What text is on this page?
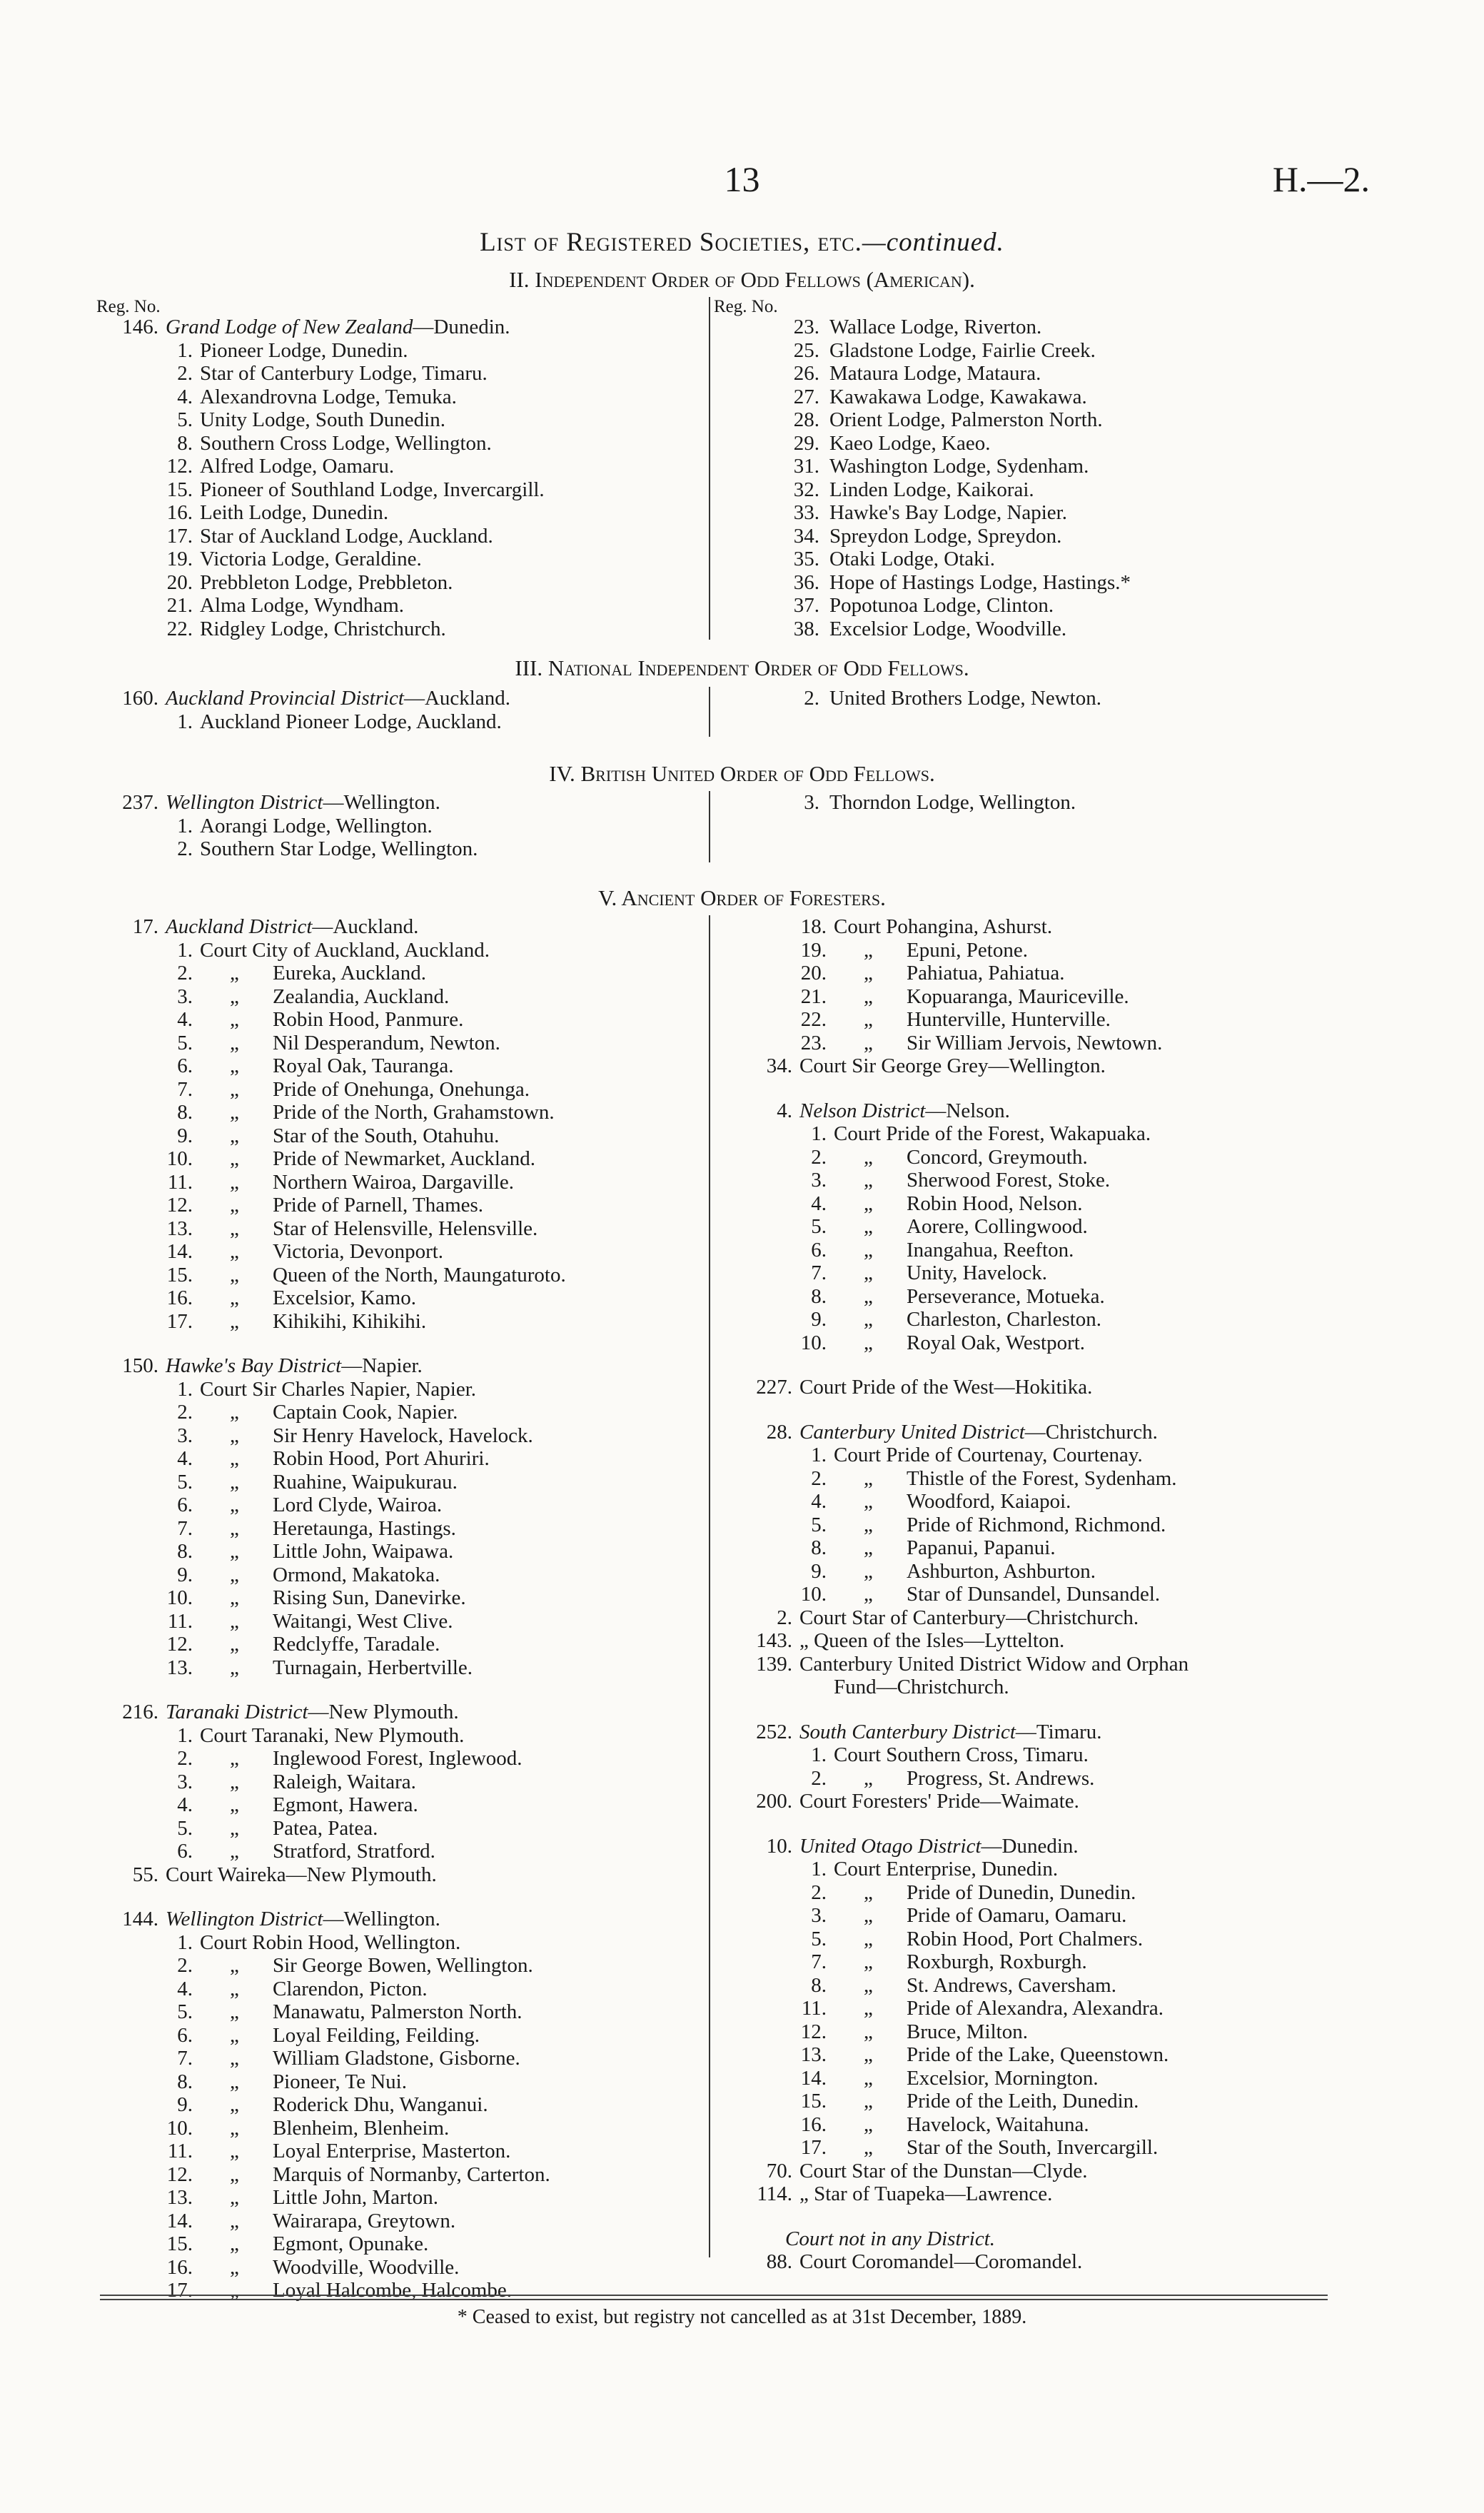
13	H.—2.
List of Registered Societies, etc.—continued.
II. Independent Order of Odd Fellows (American).
Reg. No.	Reg. No.
146. Grand Lodge of New Zealand—Dunedin.
1. Pioneer Lodge, Dunedin.
2. Star of Canterbury Lodge, Timaru.
4. Alexandrovna Lodge, Temuka.
5. Unity Lodge, South Dunedin.
8. Southern Cross Lodge, Wellington.
12. Alfred Lodge, Oamaru.
15. Pioneer of Southland Lodge, Invercargill.
16. Leith Lodge, Dunedin.
17. Star of Auckland Lodge, Auckland.
19. Victoria Lodge, Geraldine.
20. Prebbleton Lodge, Prebbleton.
21. Alma Lodge, Wyndham.
22. Ridgley Lodge, Christchurch.
23. Wallace Lodge, Riverton.
25. Gladstone Lodge, Fairlie Creek.
26. Mataura Lodge, Mataura.
27. Kawakawa Lodge, Kawakawa.
28. Orient Lodge, Palmerston North.
29. Kaeo Lodge, Kaeo.
31. Washington Lodge, Sydenham.
32. Linden Lodge, Kaikorai.
33. Hawke's Bay Lodge, Napier.
34. Spreydon Lodge, Spreydon.
35. Otaki Lodge, Otaki.
36. Hope of Hastings Lodge, Hastings.*
37. Popotunoa Lodge, Clinton.
38. Excelsior Lodge, Woodville.
III. National Independent Order of Odd Fellows.
160. Auckland Provincial District—Auckland.
1. Auckland Pioneer Lodge, Auckland.
2. United Brothers Lodge, Newton.
IV. British United Order of Odd Fellows.
237. Wellington District—Wellington.
1. Aorangi Lodge, Wellington.
2. Southern Star Lodge, Wellington.
3. Thorndon Lodge, Wellington.
V. Ancient Order of Foresters.
17. Auckland District—Auckland.
1. Court City of Auckland, Auckland.
2. „ Eureka, Auckland.
3. „ Zealandia, Auckland.
4. „ Robin Hood, Panmure.
5. „ Nil Desperandum, Newton.
6. „ Royal Oak, Tauranga.
7. „ Pride of Onehunga, Onehunga.
8. „ Pride of the North, Grahamstown.
9. „ Star of the South, Otahuhu.
10. „ Pride of Newmarket, Auckland.
11. „ Northern Wairoa, Dargaville.
12. „ Pride of Parnell, Thames.
13. „ Star of Helensville, Helensville.
14. „ Victoria, Devonport.
15. „ Queen of the North, Maungaturoto.
16. „ Excelsior, Kamo.
17. „ Kihikihi, Kihikihi.
150. Hawke's Bay District—Napier.
1. Court Sir Charles Napier, Napier.
2. „ Captain Cook, Napier.
3. „ Sir Henry Havelock, Havelock.
4. „ Robin Hood, Port Ahuriri.
5. „ Ruahine, Waipukurau.
6. „ Lord Clyde, Wairoa.
7. „ Heretaunga, Hastings.
8. „ Little John, Waipawa.
9. „ Ormond, Makatoka.
10. „ Rising Sun, Danevirke.
11. „ Waitangi, West Clive.
12. „ Redclyffe, Taradale.
13. „ Turnagain, Herbertville.
216. Taranaki District—New Plymouth.
1. Court Taranaki, New Plymouth.
2. „ Inglewood Forest, Inglewood.
3. „ Raleigh, Waitara.
4. „ Egmont, Hawera.
5. „ Patea, Patea.
6. „ Stratford, Stratford.
55. Court Waireka—New Plymouth.
144. Wellington District—Wellington.
1. Court Robin Hood, Wellington.
2. „ Sir George Bowen, Wellington.
4. „ Clarendon, Picton.
5. „ Manawatu, Palmerston North.
6. „ Loyal Feilding, Feilding.
7. „ William Gladstone, Gisborne.
8. „ Pioneer, Te Nui.
9. „ Roderick Dhu, Wanganui.
10. „ Blenheim, Blenheim.
11. „ Loyal Enterprise, Masterton.
12. „ Marquis of Normanby, Carterton.
13. „ Little John, Marton.
14. „ Wairarapa, Greytown.
15. „ Egmont, Opunake.
16. „ Woodville, Woodville.
17. „ Loyal Halcombe, Halcombe.
18. Court Pohangina, Ashurst.
19. „ Epuni, Petone.
20. „ Pahiatua, Pahiatua.
21. „ Kopuaranga, Mauriceville.
22. „ Hunterville, Hunterville.
23. „ Sir William Jervois, Newtown.
34. Court Sir George Grey—Wellington.
4. Nelson District—Nelson.
1. Court Pride of the Forest, Wakapuaka.
2. „ Concord, Greymouth.
3. „ Sherwood Forest, Stoke.
4. „ Robin Hood, Nelson.
5. „ Aorere, Collingwood.
6. „ Inangahua, Reefton.
7. „ Unity, Havelock.
8. „ Perseverance, Motueka.
9. „ Charleston, Charleston.
10. „ Royal Oak, Westport.
227. Court Pride of the West—Hokitika.
28. Canterbury United District—Christchurch.
1. Court Pride of Courtenay, Courtenay.
2. „ Thistle of the Forest, Sydenham.
4. „ Woodford, Kaiapoi.
5. „ Pride of Richmond, Richmond.
8. „ Papanui, Papanui.
9. „ Ashburton, Ashburton.
10. „ Star of Dunsandel, Dunsandel.
2. Court Star of Canterbury—Christchurch.
143. „ Queen of the Isles—Lyttelton.
139. Canterbury United District Widow and Orphan
Fund—Christchurch.
252. South Canterbury District—Timaru.
1. Court Southern Cross, Timaru.
2. „ Progress, St. Andrews.
200. Court Foresters' Pride—Waimate.
10. United Otago District—Dunedin.
1. Court Enterprise, Dunedin.
2. „ Pride of Dunedin, Dunedin.
3. „ Pride of Oamaru, Oamaru.
5. „ Robin Hood, Port Chalmers.
7. „ Roxburgh, Roxburgh.
8. „ St. Andrews, Caversham.
11. „ Pride of Alexandra, Alexandra.
12. „ Bruce, Milton.
13. „ Pride of the Lake, Queenstown.
14. „ Excelsior, Mornington.
15. „ Pride of the Leith, Dunedin.
16. „ Havelock, Waitahuna.
17. „ Star of the South, Invercargill.
70. Court Star of the Dunstan—Clyde.
114. „ Star of Tuapeka—Lawrence.
Court not in any District.
88. Court Coromandel—Coromandel.
* Ceased to exist, but registry not cancelled as at 31st December, 1889.
